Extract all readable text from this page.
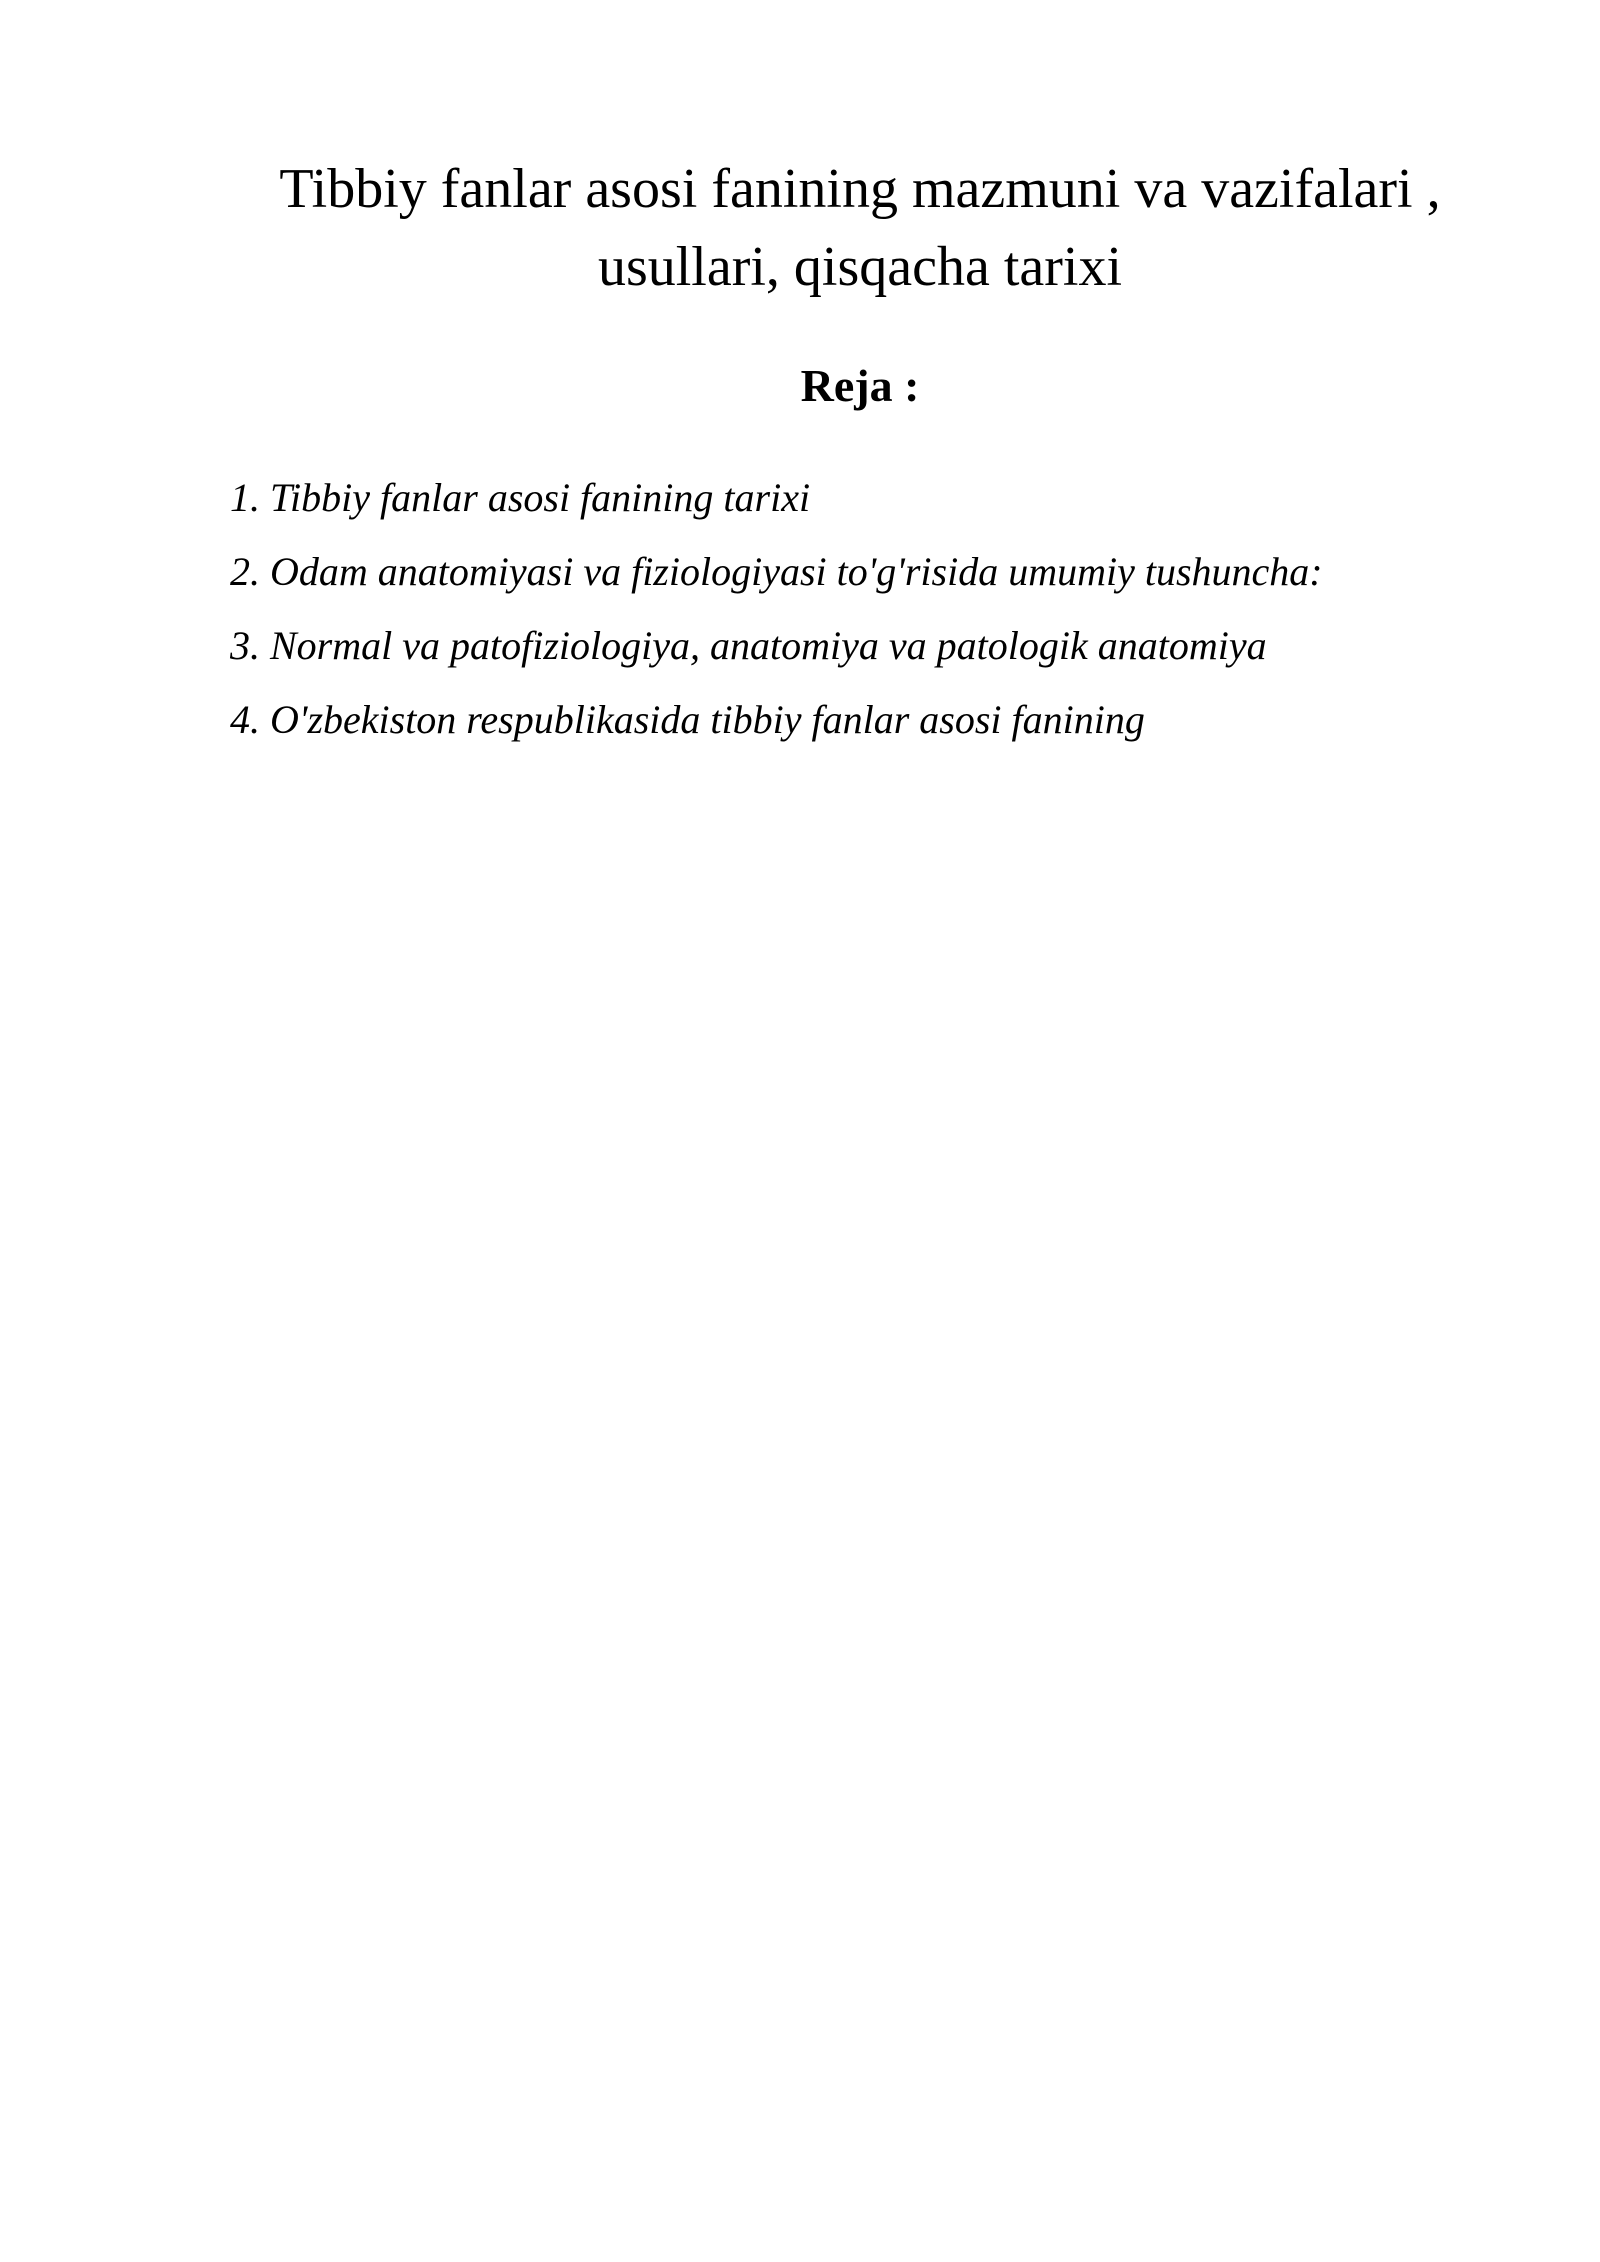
Tibbiy fanlar asosi fanining mazmuni va vazifalari ,
usullari, qisqacha tarixi
Reja :
1. Tibbiy fanlar asosi fanining tarixi
2. Odam anatomiyasi va fiziologiyasi to'g'risida umumiy tushuncha:
3. Normal va patofiziologiya, anatomiya va patologik anatomiya
4. O'zbekiston respublikasida tibbiy fanlar asosi fanining
